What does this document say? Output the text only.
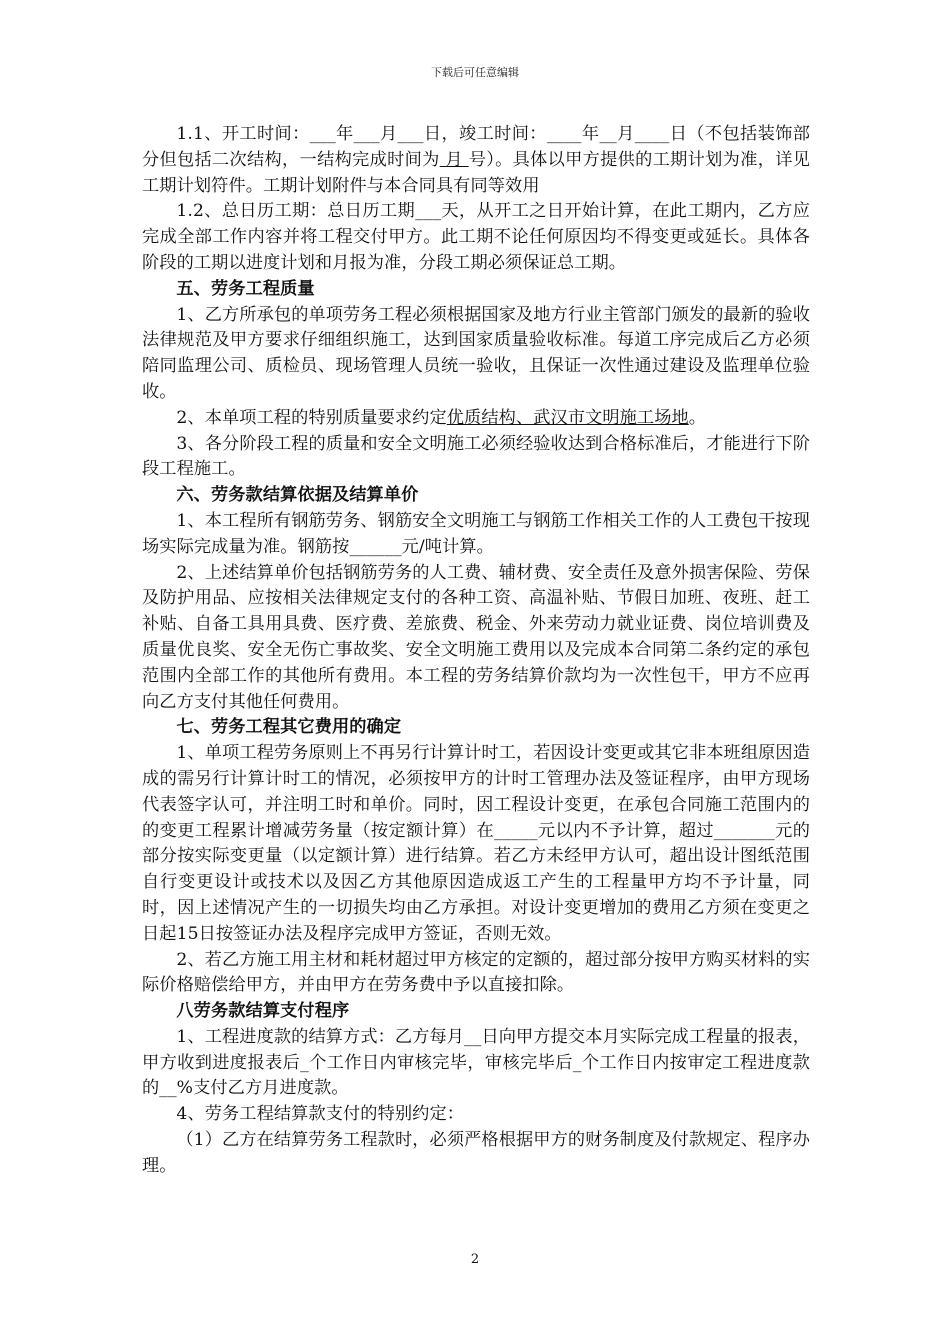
下载后可任意编辑

1.1、开工时间：___年___月___日，竣工时间：____年__月____日（不包括装饰部分但包括二次结构，一结构完成时间为 月 号）。具体以甲方提供的工期计划为准，详见工期计划符件。工期计划附件与本合同具有同等效用

1.2、总日历工期：总日历工期___天，从开工之日开始计算，在此工期内，乙方应完成全部工作内容并将工程交付甲方。此工期不论任何原因均不得变更或延长。具体各阶段的工期以进度计划和月报为准，分段工期必须保证总工期。

五、劳务工程质量

1、乙方所承包的单项劳务工程必须根据国家及地方行业主管部门颁发的最新的验收法律规范及甲方要求仔细组织施工，达到国家质量验收标准。每道工序完成后乙方必须陪同监理公司、质检员、现场管理人员统一验收，且保证一次性通过建设及监理单位验收。

2、本单项工程的特别质量要求约定优质结构、武汉市文明施工场地。

3、各分阶段工程的质量和安全文明施工必须经验收达到合格标准后，才能进行下阶段工程施工。

六、劳务款结算依据及结算单价

1、本工程所有钢筋劳务、钢筋安全文明施工与钢筋工作相关工作的人工费包干按现场实际完成量为准。钢筋按______元/吨计算。

2、上述结算单价包括钢筋劳务的人工费、辅材费、安全责任及意外损害保险、劳保及防护用品、应按相关法律规定支付的各种工资、高温补贴、节假日加班、夜班、赶工补贴、自备工具用具费、医疗费、差旅费、税金、外来劳动力就业证费、岗位培训费及质量优良奖、安全无伤亡事故奖、安全文明施工费用以及完成本合同第二条约定的承包范围内全部工作的其他所有费用。本工程的劳务结算价款均为一次性包干，甲方不应再向乙方支付其他任何费用。

七、劳务工程其它费用的确定

1、单项工程劳务原则上不再另行计算计时工，若因设计变更或其它非本班组原因造成的需另行计算计时工的情况，必须按甲方的计时工管理办法及签证程序，由甲方现场代表签字认可，并注明工时和单价。同时，因工程设计变更，在承包合同施工范围内的的变更工程累计增减劳务量（按定额计算）在_____元以内不予计算，超过_______元的部分按实际变更量（以定额计算）进行结算。若乙方未经甲方认可，超出设计图纸范围自行变更设计或技术以及因乙方其他原因造成返工产生的工程量甲方均不予计量，同时，因上述情况产生的一切损失均由乙方承担。对设计变更增加的费用乙方须在变更之日起15日按签证办法及程序完成甲方签证，否则无效。

2、若乙方施工用主材和耗材超过甲方核定的定额的，超过部分按甲方购买材料的实际价格赔偿给甲方，并由甲方在劳务费中予以直接扣除。

八劳务款结算支付程序

1、工程进度款的结算方式：乙方每月__日向甲方提交本月实际完成工程量的报表，甲方收到进度报表后_个工作日内审核完毕，审核完毕后_个工作日内按审定工程进度款的__%支付乙方月进度款。

4、劳务工程结算款支付的特别约定：

（1）乙方在结算劳务工程款时，必须严格根据甲方的财务制度及付款规定、程序办理。

2
